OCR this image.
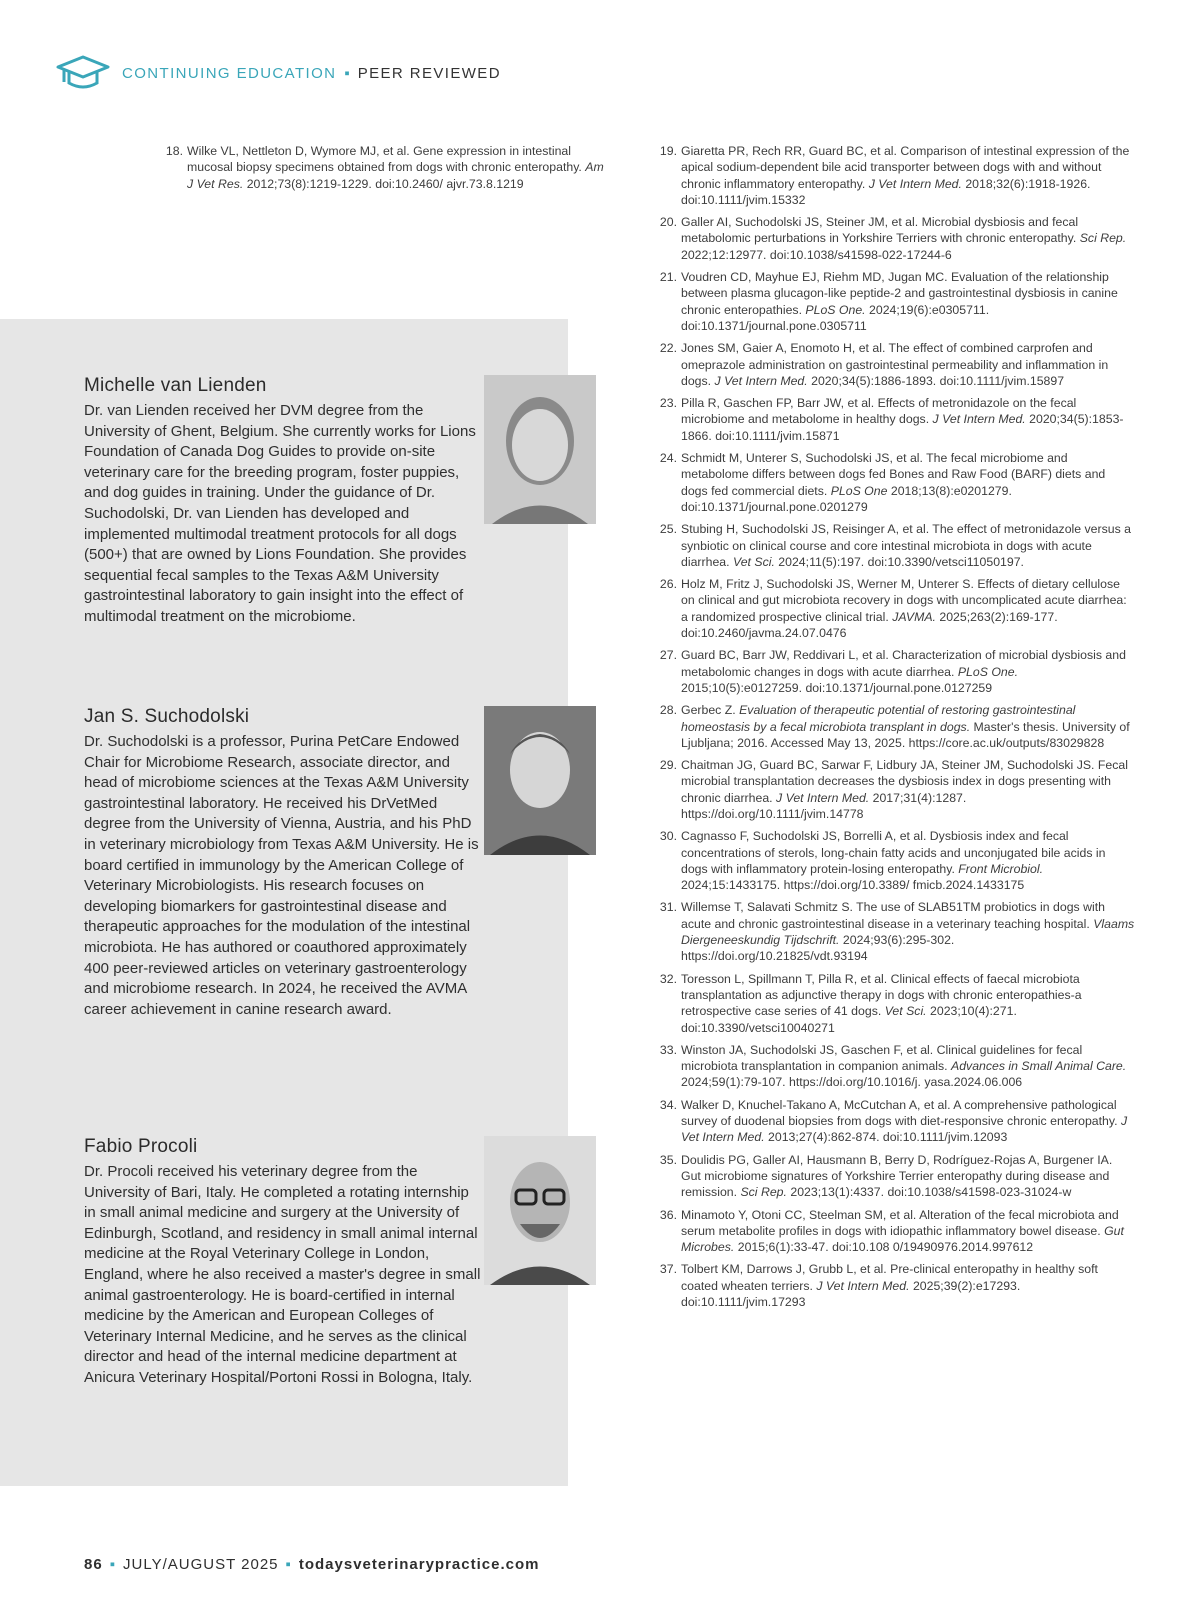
CONTINUING EDUCATION ▪ PEER REVIEWED
18. Wilke VL, Nettleton D, Wymore MJ, et al. Gene expression in intestinal mucosal biopsy specimens obtained from dogs with chronic enteropathy. Am J Vet Res. 2012;73(8):1219-1229. doi:10.2460/ ajvr.73.8.1219
19. Giaretta PR, Rech RR, Guard BC, et al. Comparison of intestinal expression of the apical sodium-dependent bile acid transporter between dogs with and without chronic inflammatory enteropathy. J Vet Intern Med. 2018;32(6):1918-1926. doi:10.1111/jvim.15332
20. Galler AI, Suchodolski JS, Steiner JM, et al. Microbial dysbiosis and fecal metabolomic perturbations in Yorkshire Terriers with chronic enteropathy. Sci Rep. 2022;12:12977. doi:10.1038/s41598-022-17244-6
21. Voudren CD, Mayhue EJ, Riehm MD, Jugan MC. Evaluation of the relationship between plasma glucagon-like peptide-2 and gastrointestinal dysbiosis in canine chronic enteropathies. PLoS One. 2024;19(6):e0305711. doi:10.1371/journal.pone.0305711
22. Jones SM, Gaier A, Enomoto H, et al. The effect of combined carprofen and omeprazole administration on gastrointestinal permeability and inflammation in dogs. J Vet Intern Med. 2020;34(5):1886-1893. doi:10.1111/jvim.15897
23. Pilla R, Gaschen FP, Barr JW, et al. Effects of metronidazole on the fecal microbiome and metabolome in healthy dogs. J Vet Intern Med. 2020;34(5):1853-1866. doi:10.1111/jvim.15871
24. Schmidt M, Unterer S, Suchodolski JS, et al. The fecal microbiome and metabolome differs between dogs fed Bones and Raw Food (BARF) diets and dogs fed commercial diets. PLoS One 2018;13(8):e0201279. doi:10.1371/journal.pone.0201279
25. Stubing H, Suchodolski JS, Reisinger A, et al. The effect of metronidazole versus a synbiotic on clinical course and core intestinal microbiota in dogs with acute diarrhea. Vet Sci. 2024;11(5):197. doi:10.3390/vetsci11050197.
26. Holz M, Fritz J, Suchodolski JS, Werner M, Unterer S. Effects of dietary cellulose on clinical and gut microbiota recovery in dogs with uncomplicated acute diarrhea: a randomized prospective clinical trial. JAVMA. 2025;263(2):169-177. doi:10.2460/javma.24.07.0476
27. Guard BC, Barr JW, Reddivari L, et al. Characterization of microbial dysbiosis and metabolomic changes in dogs with acute diarrhea. PLoS One. 2015;10(5):e0127259. doi:10.1371/journal.pone.0127259
28. Gerbec Z. Evaluation of therapeutic potential of restoring gastrointestinal homeostasis by a fecal microbiota transplant in dogs. Master's thesis. University of Ljubljana; 2016. Accessed May 13, 2025. https://core.ac.uk/outputs/83029828
29. Chaitman JG, Guard BC, Sarwar F, Lidbury JA, Steiner JM, Suchodolski JS. Fecal microbial transplantation decreases the dysbiosis index in dogs presenting with chronic diarrhea. J Vet Intern Med. 2017;31(4):1287. https://doi.org/10.1111/jvim.14778
30. Cagnasso F, Suchodolski JS, Borrelli A, et al. Dysbiosis index and fecal concentrations of sterols, long-chain fatty acids and unconjugated bile acids in dogs with inflammatory protein-losing enteropathy. Front Microbiol. 2024;15:1433175. https://doi.org/10.3389/ fmicb.2024.1433175
31. Willemse T, Salavati Schmitz S. The use of SLAB51TM probiotics in dogs with acute and chronic gastrointestinal disease in a veterinary teaching hospital. Vlaams Diergeneeskundig Tijdschrift. 2024;93(6):295-302. https://doi.org/10.21825/vdt.93194
32. Toresson L, Spillmann T, Pilla R, et al. Clinical effects of faecal microbiota transplantation as adjunctive therapy in dogs with chronic enteropathies-a retrospective case series of 41 dogs. Vet Sci. 2023;10(4):271. doi:10.3390/vetsci10040271
33. Winston JA, Suchodolski JS, Gaschen F, et al. Clinical guidelines for fecal microbiota transplantation in companion animals. Advances in Small Animal Care. 2024;59(1):79-107. https://doi.org/10.1016/j. yasa.2024.06.006
34. Walker D, Knuchel-Takano A, McCutchan A, et al. A comprehensive pathological survey of duodenal biopsies from dogs with diet-responsive chronic enteropathy. J Vet Intern Med. 2013;27(4):862-874. doi:10.1111/jvim.12093
35. Doulidis PG, Galler AI, Hausmann B, Berry D, Rodríguez-Rojas A, Burgener IA. Gut microbiome signatures of Yorkshire Terrier enteropathy during disease and remission. Sci Rep. 2023;13(1):4337. doi:10.1038/s41598-023-31024-w
36. Minamoto Y, Otoni CC, Steelman SM, et al. Alteration of the fecal microbiota and serum metabolite profiles in dogs with idiopathic inflammatory bowel disease. Gut Microbes. 2015;6(1):33-47. doi:10.108 0/19490976.2014.997612
37. Tolbert KM, Darrows J, Grubb L, et al. Pre-clinical enteropathy in healthy soft coated wheaten terriers. J Vet Intern Med. 2025;39(2):e17293. doi:10.1111/jvim.17293
Michelle van Lienden

Dr. van Lienden received her DVM degree from the University of Ghent, Belgium. She currently works for Lions Foundation of Canada Dog Guides to provide on-site veterinary care for the breeding program, foster puppies, and dog guides in training. Under the guidance of Dr. Suchodolski, Dr. van Lienden has developed and implemented multimodal treatment protocols for all dogs (500+) that are owned by Lions Foundation. She provides sequential fecal samples to the Texas A&M University gastrointestinal laboratory to gain insight into the effect of multimodal treatment on the microbiome.

Jan S. Suchodolski

Dr. Suchodolski is a professor, Purina PetCare Endowed Chair for Microbiome Research, associate director, and head of microbiome sciences at the Texas A&M University gastrointestinal laboratory. He received his DrVetMed degree from the University of Vienna, Austria, and his PhD in veterinary microbiology from Texas A&M University. He is board certified in immunology by the American College of Veterinary Microbiologists. His research focuses on developing biomarkers for gastrointestinal disease and therapeutic approaches for the modulation of the intestinal microbiota. He has authored or coauthored approximately 400 peer-reviewed articles on veterinary gastroenterology and microbiome research. In 2024, he received the AVMA career achievement in canine research award.

Fabio Procoli

Dr. Procoli received his veterinary degree from the University of Bari, Italy. He completed a rotating internship in small animal medicine and surgery at the University of Edinburgh, Scotland, and residency in small animal internal medicine at the Royal Veterinary College in London, England, where he also received a master's degree in small animal gastroenterology. He is board-certified in internal medicine by the American and European Colleges of Veterinary Internal Medicine, and he serves as the clinical director and head of the internal medicine department at Anicura Veterinary Hospital/Portoni Rossi in Bologna, Italy.

86 ▪ JULY/AUGUST 2025 ▪ todaysveterinarypractice.com
